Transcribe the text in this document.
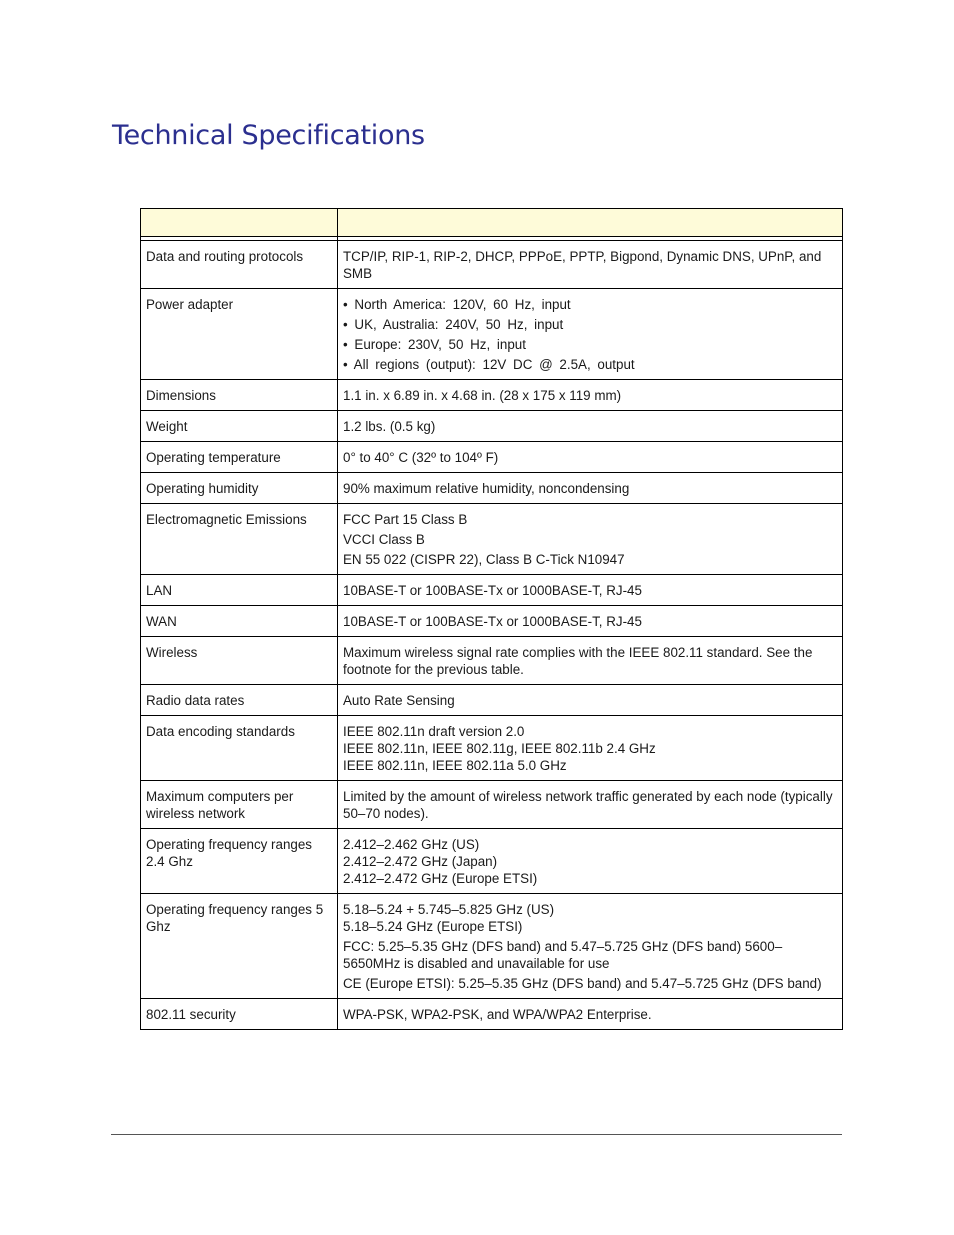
Technical Specifications

Data and routing protocols	TCP/IP, RIP-1, RIP-2, DHCP, PPPoE, PPTP, Bigpond, Dynamic DNS, UPnP, and SMB

Power adapter	• North America: 120V, 60 Hz, input
• UK, Australia: 240V, 50 Hz, input
• Europe: 230V, 50 Hz, input
• All regions (output): 12V DC @ 2.5A, output

Dimensions	1.1 in. x 6.89 in. x 4.68 in. (28 x 175 x 119 mm)

Weight	1.2 lbs. (0.5 kg)

Operating temperature	0° to 40° C (32º to 104º F)

Operating humidity	90% maximum relative humidity, noncondensing

Electromagnetic Emissions	FCC Part 15 Class B
VCCI Class B
EN 55 022 (CISPR 22), Class B C-Tick N10947

LAN	10BASE-T or 100BASE-Tx or 1000BASE-T, RJ-45

WAN	10BASE-T or 100BASE-Tx or 1000BASE-T, RJ-45

Wireless	Maximum wireless signal rate complies with the IEEE 802.11 standard. See the footnote for the previous table.

Radio data rates	Auto Rate Sensing

Data encoding standards	IEEE 802.11n draft version 2.0
IEEE 802.11n, IEEE 802.11g, IEEE 802.11b 2.4 GHz
IEEE 802.11n, IEEE 802.11a 5.0 GHz

Maximum computers per wireless network	Limited by the amount of wireless network traffic generated by each node (typically 50–70 nodes).

Operating frequency ranges 2.4 Ghz	2.412–2.462 GHz (US)
2.412–2.472 GHz (Japan)
2.412–2.472 GHz (Europe ETSI)

Operating frequency ranges 5 Ghz	5.18–5.24 + 5.745–5.825 GHz (US)
5.18–5.24 GHz (Europe ETSI)
FCC: 5.25–5.35 GHz (DFS band) and 5.47–5.725 GHz (DFS band) 5600–5650MHz is disabled and unavailable for use
CE (Europe ETSI): 5.25–5.35 GHz (DFS band) and 5.47–5.725 GHz (DFS band)

802.11 security	WPA-PSK, WPA2-PSK, and WPA/WPA2 Enterprise.
